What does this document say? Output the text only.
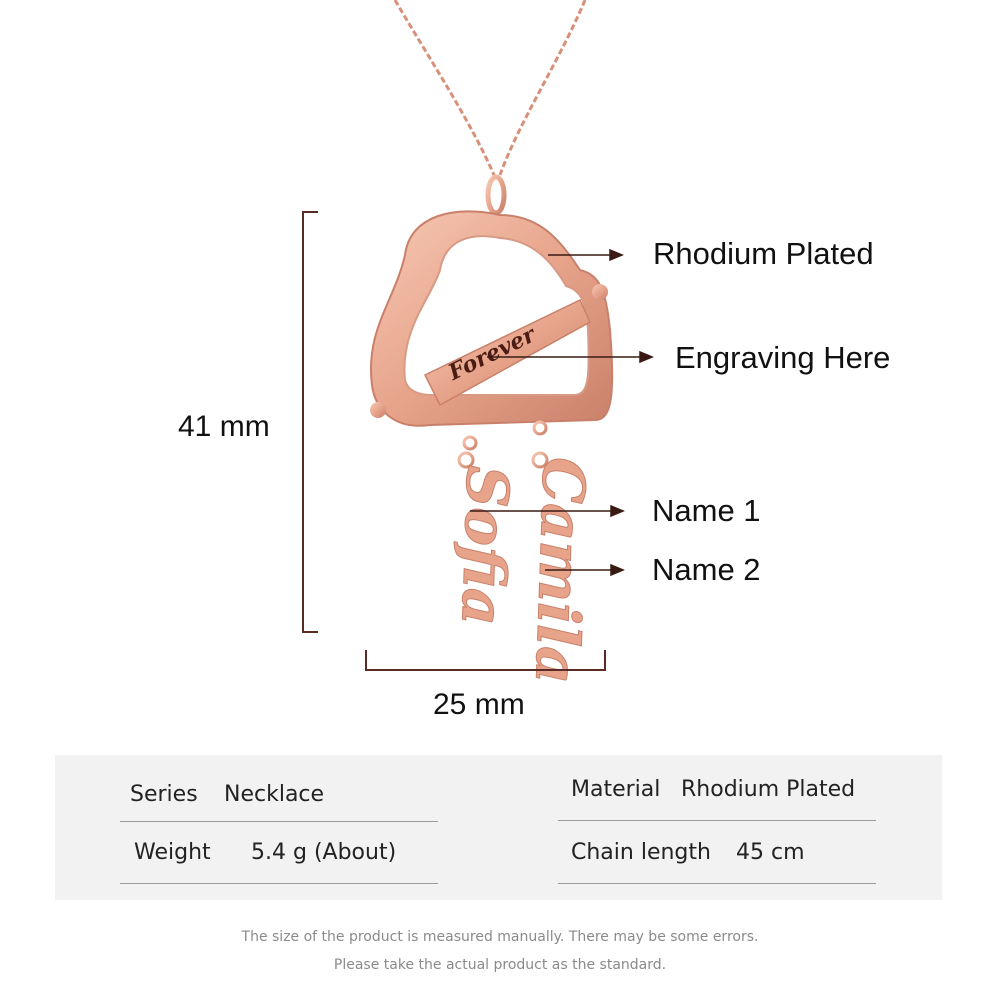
Forever
Sofia Camila
Rhodium Plated
Engraving Here
Name 1
Name 2
41 mm
25 mm
Series Necklace
Weight 5.4 g (About)
Material Rhodium Plated
Chain length 45 cm
The size of the product is measured manually. There may be some errors.
Please take the actual product as the standard.
